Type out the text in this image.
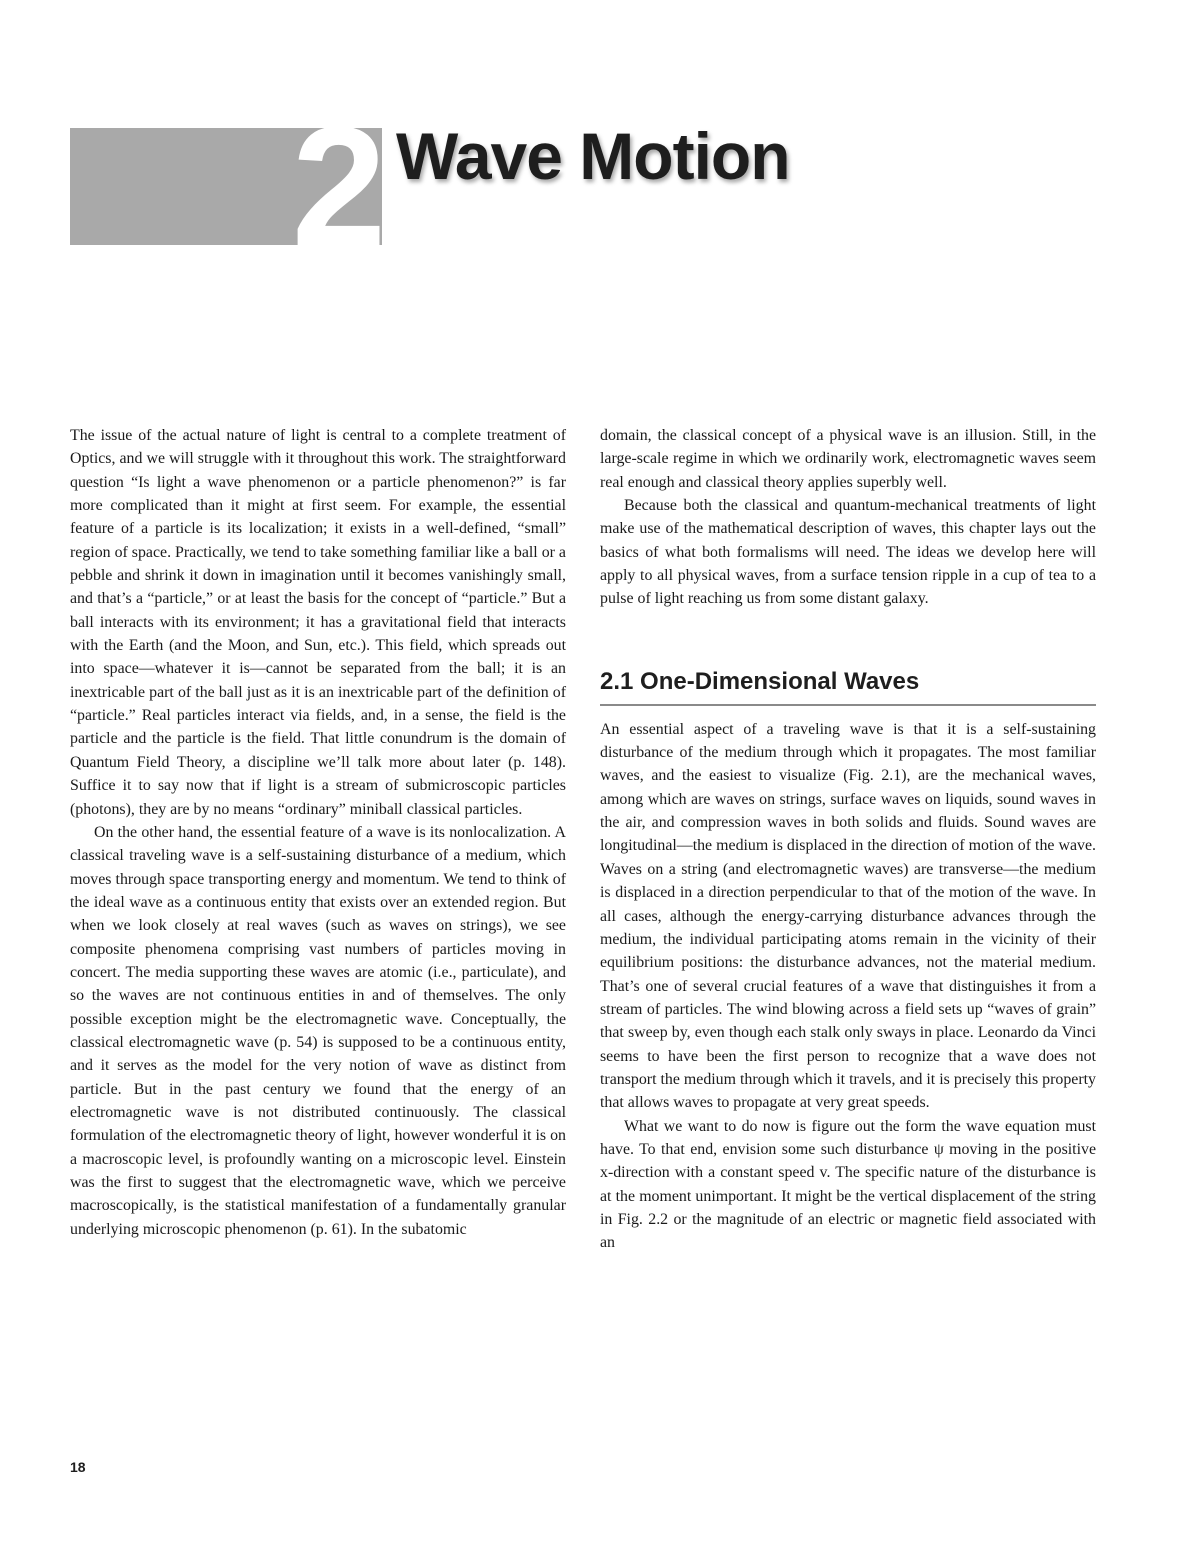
2 Wave Motion

The issue of the actual nature of light is central to a complete treatment of Optics, and we will struggle with it throughout this work. The straightforward question “Is light a wave phenomenon or a particle phenomenon?” is far more complicated than it might at first seem. For example, the essential feature of a particle is its localization; it exists in a well-defined, “small” region of space. Practically, we tend to take something familiar like a ball or a pebble and shrink it down in imagination until it becomes vanishingly small, and that’s a “particle,” or at least the basis for the concept of “particle.” But a ball interacts with its environment; it has a gravitational field that interacts with the Earth (and the Moon, and Sun, etc.). This field, which spreads out into space—whatever it is—cannot be separated from the ball; it is an inextricable part of the ball just as it is an inextricable part of the definition of “particle.” Real particles interact via fields, and, in a sense, the field is the particle and the particle is the field. That little conundrum is the domain of Quantum Field Theory, a discipline we’ll talk more about later (p. 148). Suffice it to say now that if light is a stream of submicroscopic particles (photons), they are by no means “ordinary” miniball classical particles.

On the other hand, the essential feature of a wave is its nonlocalization. A classical traveling wave is a self-sustaining disturbance of a medium, which moves through space transporting energy and momentum. We tend to think of the ideal wave as a continuous entity that exists over an extended region. But when we look closely at real waves (such as waves on strings), we see composite phenomena comprising vast numbers of particles moving in concert. The media supporting these waves are atomic (i.e., particulate), and so the waves are not continuous entities in and of themselves. The only possible exception might be the electromagnetic wave. Conceptually, the classical electromagnetic wave (p. 54) is supposed to be a continuous entity, and it serves as the model for the very notion of wave as distinct from particle. But in the past century we found that the energy of an electromagnetic wave is not distributed continuously. The classical formulation of the electromagnetic theory of light, however wonderful it is on a macroscopic level, is profoundly wanting on a microscopic level. Einstein was the first to suggest that the electromagnetic wave, which we perceive macroscopically, is the statistical manifestation of a fundamentally granular underlying microscopic phenomenon (p. 61). In the subatomic

domain, the classical concept of a physical wave is an illusion. Still, in the large-scale regime in which we ordinarily work, electromagnetic waves seem real enough and classical theory applies superbly well.

Because both the classical and quantum-mechanical treatments of light make use of the mathematical description of waves, this chapter lays out the basics of what both formalisms will need. The ideas we develop here will apply to all physical waves, from a surface tension ripple in a cup of tea to a pulse of light reaching us from some distant galaxy.

2.1 One-Dimensional Waves

An essential aspect of a traveling wave is that it is a self-sustaining disturbance of the medium through which it propagates. The most familiar waves, and the easiest to visualize (Fig. 2.1), are the mechanical waves, among which are waves on strings, surface waves on liquids, sound waves in the air, and compression waves in both solids and fluids. Sound waves are longitudinal—the medium is displaced in the direction of motion of the wave. Waves on a string (and electromagnetic waves) are transverse—the medium is displaced in a direction perpendicular to that of the motion of the wave. In all cases, although the energy-carrying disturbance advances through the medium, the individual participating atoms remain in the vicinity of their equilibrium positions: the disturbance advances, not the material medium. That’s one of several crucial features of a wave that distinguishes it from a stream of particles. The wind blowing across a field sets up “waves of grain” that sweep by, even though each stalk only sways in place. Leonardo da Vinci seems to have been the first person to recognize that a wave does not transport the medium through which it travels, and it is precisely this property that allows waves to propagate at very great speeds.

What we want to do now is figure out the form the wave equation must have. To that end, envision some such disturbance ψ moving in the positive x-direction with a constant speed v. The specific nature of the disturbance is at the moment unimportant. It might be the vertical displacement of the string in Fig. 2.2 or the magnitude of an electric or magnetic field associated with an

18
